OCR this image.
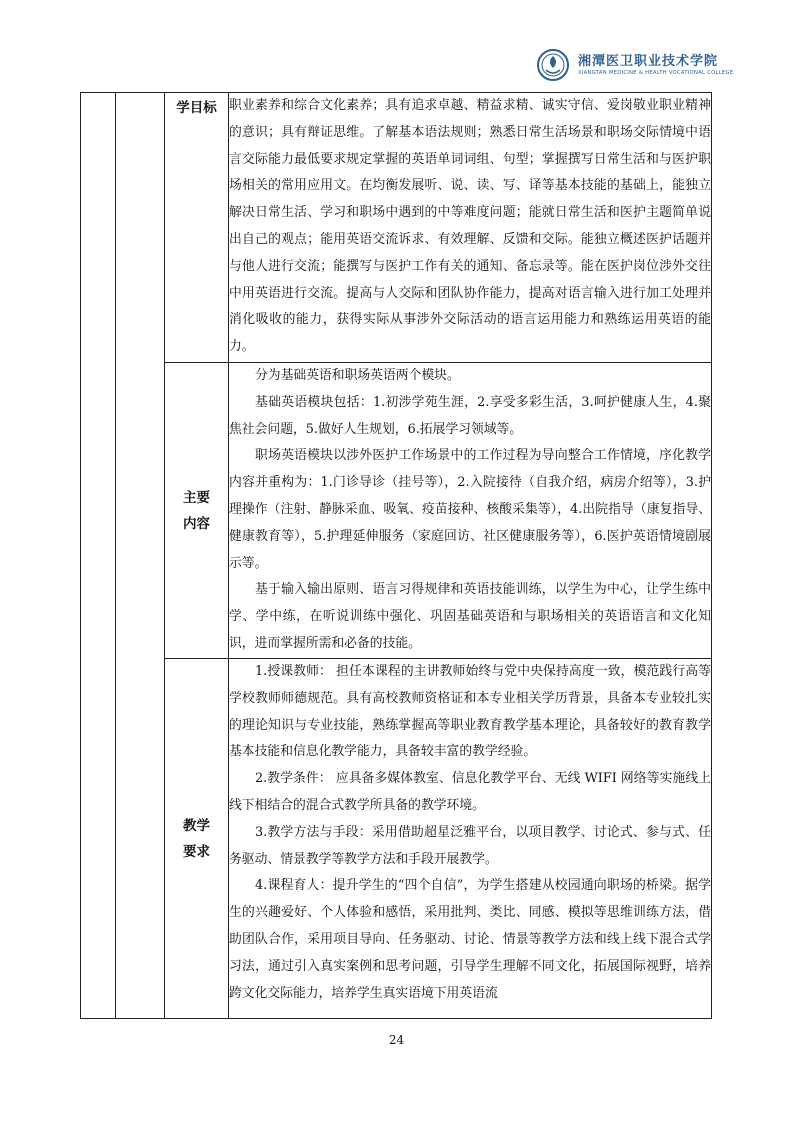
湘潭医卫职业技术学院
XIANGTAN MEDICINE & HEALTH VOCATIONAL COLLEGE
		学目标	职业素养和综合文化素养；具有追求卓越、精益求精、诚实守信、爱岗敬业职业精神的意识；具有辩证思维。了解基本语法规则；熟悉日常生活场景和职场交际情境中语言交际能力最低要求规定掌握的英语单词词组、句型；掌握撰写日常生活和与医护职场相关的常用应用文。在均衡发展听、说、读、写、译等基本技能的基础上，能独立解决日常生活、学习和职场中遇到的中等难度问题；能就日常生活和医护主题简单说出自己的观点；能用英语交流诉求、有效理解、反馈和交际。能独立概述医护话题并与他人进行交流；能撰写与医护工作有关的通知、备忘录等。能在医护岗位涉外交往中用英语进行交流。提高与人交际和团队协作能力，提高对语言输入进行加工处理并消化吸收的能力，获得实际从事涉外交际活动的语言运用能力和熟练运用英语的能力。

		主要内容	分为基础英语和职场英语两个模块。

基础英语模块包括：1.初涉学苑生涯，2.享受多彩生活，3.呵护健康人生，4.聚焦社会问题，5.做好人生规划，6.拓展学习领域等。

职场英语模块以涉外医护工作场景中的工作过程为导向整合工作情境，序化教学内容并重构为：1.门诊导诊（挂号等），2.入院接待（自我介绍，病房介绍等），3.护理操作（注射、静脉采血、吸氧、疫苗接种、核酸采集等），4.出院指导（康复指导、健康教育等），5.护理延伸服务（家庭回访、社区健康服务等），6.医护英语情境剧展示等。

基于输入输出原则、语言习得规律和英语技能训练，以学生为中心，让学生练中学、学中练，在听说训练中强化、巩固基础英语和与职场相关的英语语言和文化知识，进而掌握所需和必备的技能。

		教学要求	1.授课教师： 担任本课程的主讲教师始终与党中央保持高度一致，模范践行高等学校教师师德规范。具有高校教师资格证和本专业相关学历背景，具备本专业较扎实的理论知识与专业技能，熟练掌握高等职业教育教学基本理论，具备较好的教育教学基本技能和信息化教学能力，具备较丰富的教学经验。

2.教学条件： 应具备多媒体教室、信息化教学平台、无线 WIFI 网络等实施线上线下相结合的混合式教学所具备的教学环境。

3.教学方法与手段：采用借助超星泛雅平台，以项目教学、讨论式、参与式、任务驱动、情景教学等教学方法和手段开展教学。

4.课程育人：提升学生的“四个自信”，为学生搭建从校园通向职场的桥梁。据学生的兴趣爱好、个人体验和感悟，采用批判、类比、同感、模拟等思维训练方法，借助团队合作，采用项目导向、任务驱动、讨论、情景等教学方法和线上线下混合式学习法，通过引入真实案例和思考问题，引导学生理解不同文化，拓展国际视野，培养跨文化交际能力，培养学生真实语境下用英语流

24
